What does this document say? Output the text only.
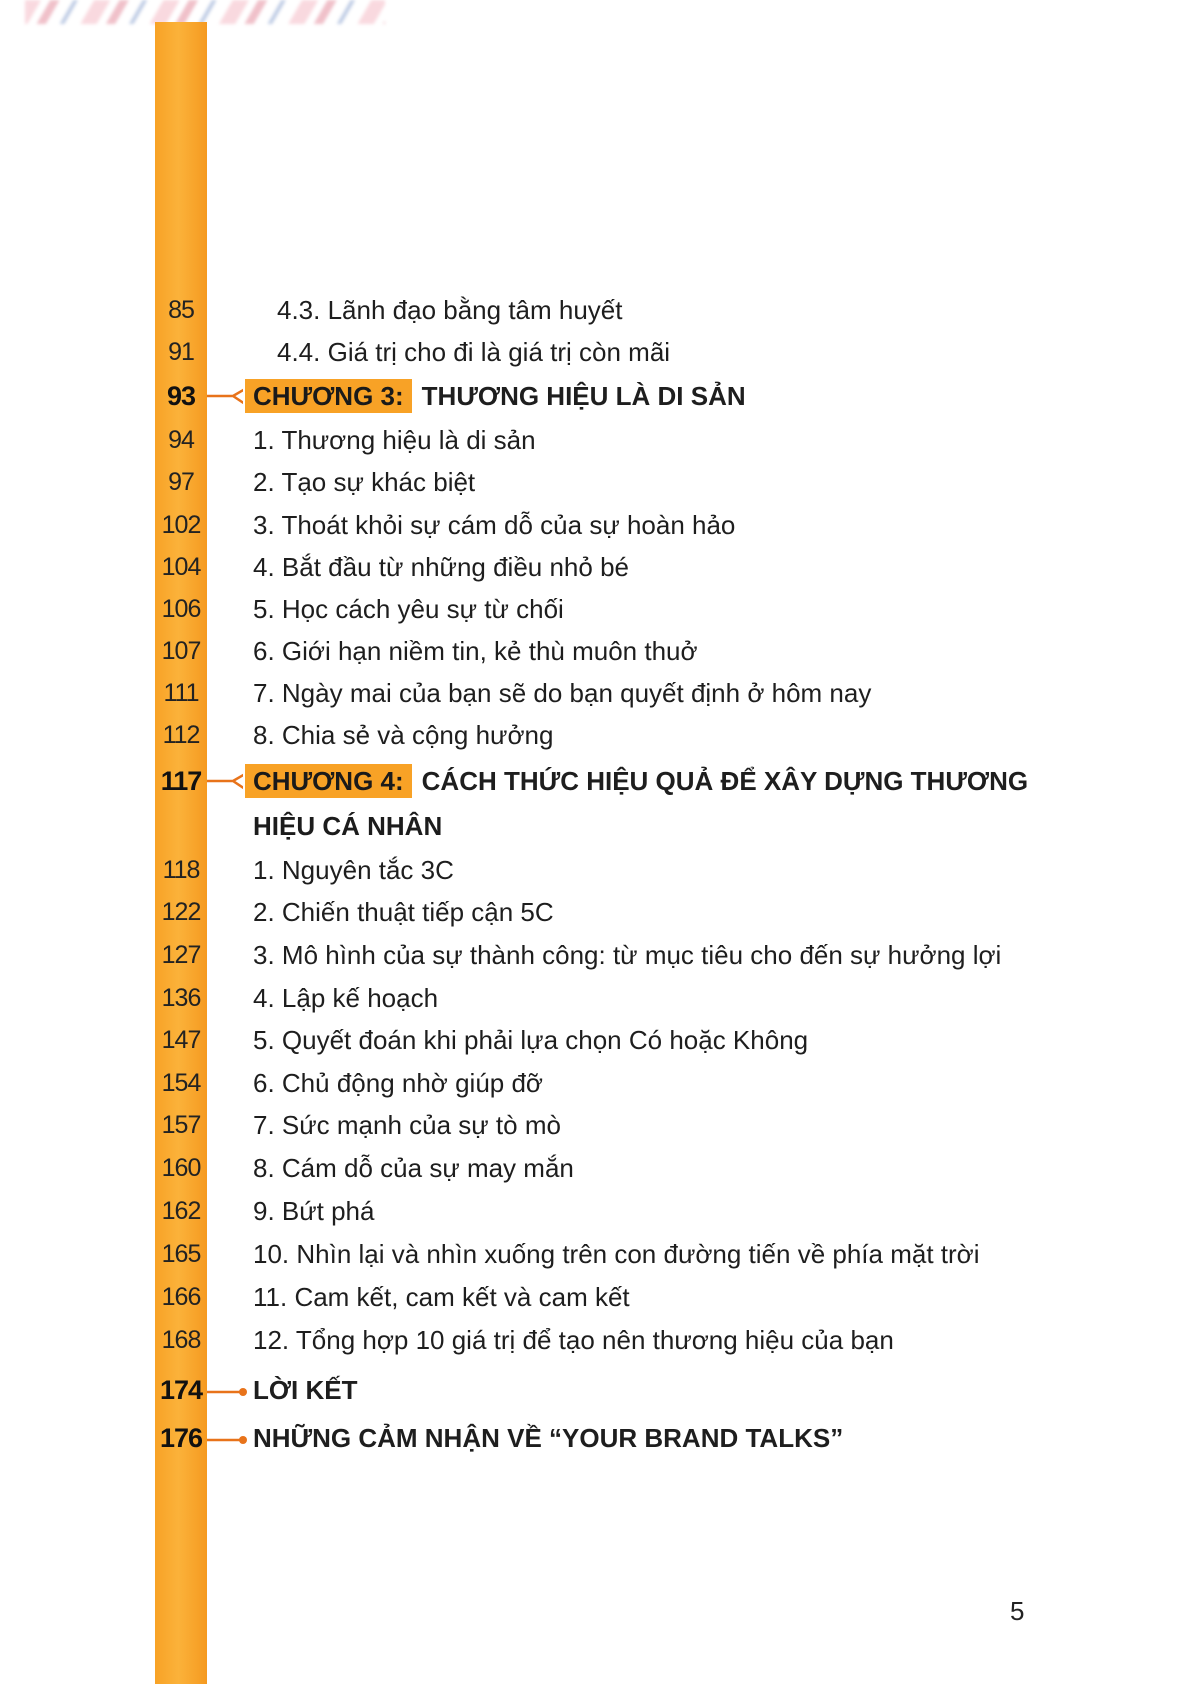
85	4.3. Lãnh đạo bằng tâm huyết
91	4.4. Giá trị cho đi là giá trị còn mãi
93	CHƯƠNG 3: THƯƠNG HIỆU LÀ DI SẢN
94	1. Thương hiệu là di sản
97	2. Tạo sự khác biệt
102 3. Thoát khỏi sự cám dỗ của sự hoàn hảo
104 4. Bắt đầu từ những điều nhỏ bé
106 5. Học cách yêu sự từ chối
107 6. Giới hạn niềm tin, kẻ thù muôn thuở
111	7. Ngày mai của bạn sẽ do bạn quyết định ở hôm nay
112 8. Chia sẻ và cộng hưởng
117	CHƯƠNG 4: CÁCH THỨC HIỆU QUẢ ĐỂ XÂY DỰNG THƯƠNG
HIỆU CÁ NHÂN
118 1. Nguyên tắc 3C
122 2. Chiến thuật tiếp cận 5C
127 3. Mô hình của sự thành công: từ mục tiêu cho đến sự hưởng lợi
136 4. Lập kế hoạch
147 5. Quyết đoán khi phải lựa chọn Có hoặc Không
154 6. Chủ động nhờ giúp đỡ
157 7. Sức mạnh của sự tò mò
160 8. Cám dỗ của sự may mắn
162 9. Bứt phá
165 10. Nhìn lại và nhìn xuống trên con đường tiến về phía mặt trời
166 11. Cam kết, cam kết và cam kết
168 12. Tổng hợp 10 giá trị để tạo nên thương hiệu của bạn
174 LỜI KẾT
176 NHỮNG CẢM NHẬN VỀ “YOUR BRAND TALKS”
5
